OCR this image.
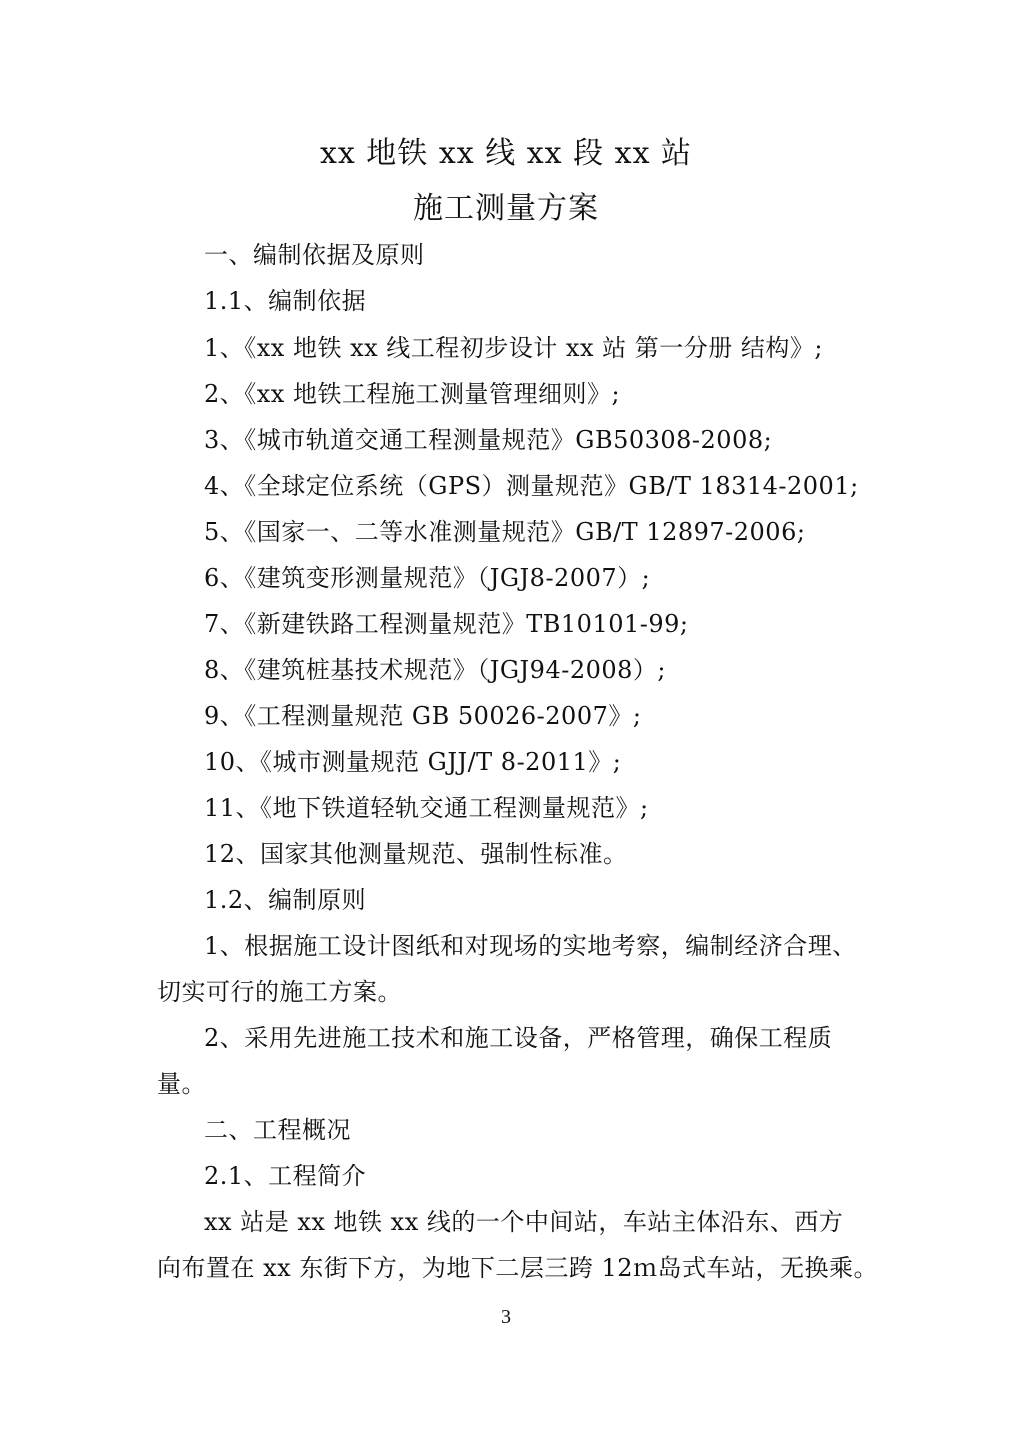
xx 地铁 xx 线 xx 段 xx 站
施工测量方案
一、编制依据及原则
1.1、编制依据
1、《xx 地铁 xx 线工程初步设计 xx 站 第一分册 结构》;
2、《xx 地铁工程施工测量管理细则》;
3、《城市轨道交通工程测量规范》GB50308-2008;
4、《全球定位系统（GPS）测量规范》GB/T 18314-2001;
5、《国家一、二等水准测量规范》GB/T 12897-2006;
6、《建筑变形测量规范》（JGJ8-2007）;
7、《新建铁路工程测量规范》TB10101-99;
8、《建筑桩基技术规范》（JGJ94-2008）;
9、《工程测量规范 GB 50026-2007》;
10、《城市测量规范 GJJ/T 8-2011》;
11、《地下铁道轻轨交通工程测量规范》;
12、国家其他测量规范、强制性标准。
1.2、编制原则
1、根据施工设计图纸和对现场的实地考察，编制经济合理、
切实可行的施工方案。
2、采用先进施工技术和施工设备，严格管理，确保工程质
量。
二、工程概况
2.1、工程简介
xx 站是 xx 地铁 xx 线的一个中间站，车站主体沿东、西方
向布置在 xx 东街下方，为地下二层三跨 12ｍ岛式车站，无换乘。
3
